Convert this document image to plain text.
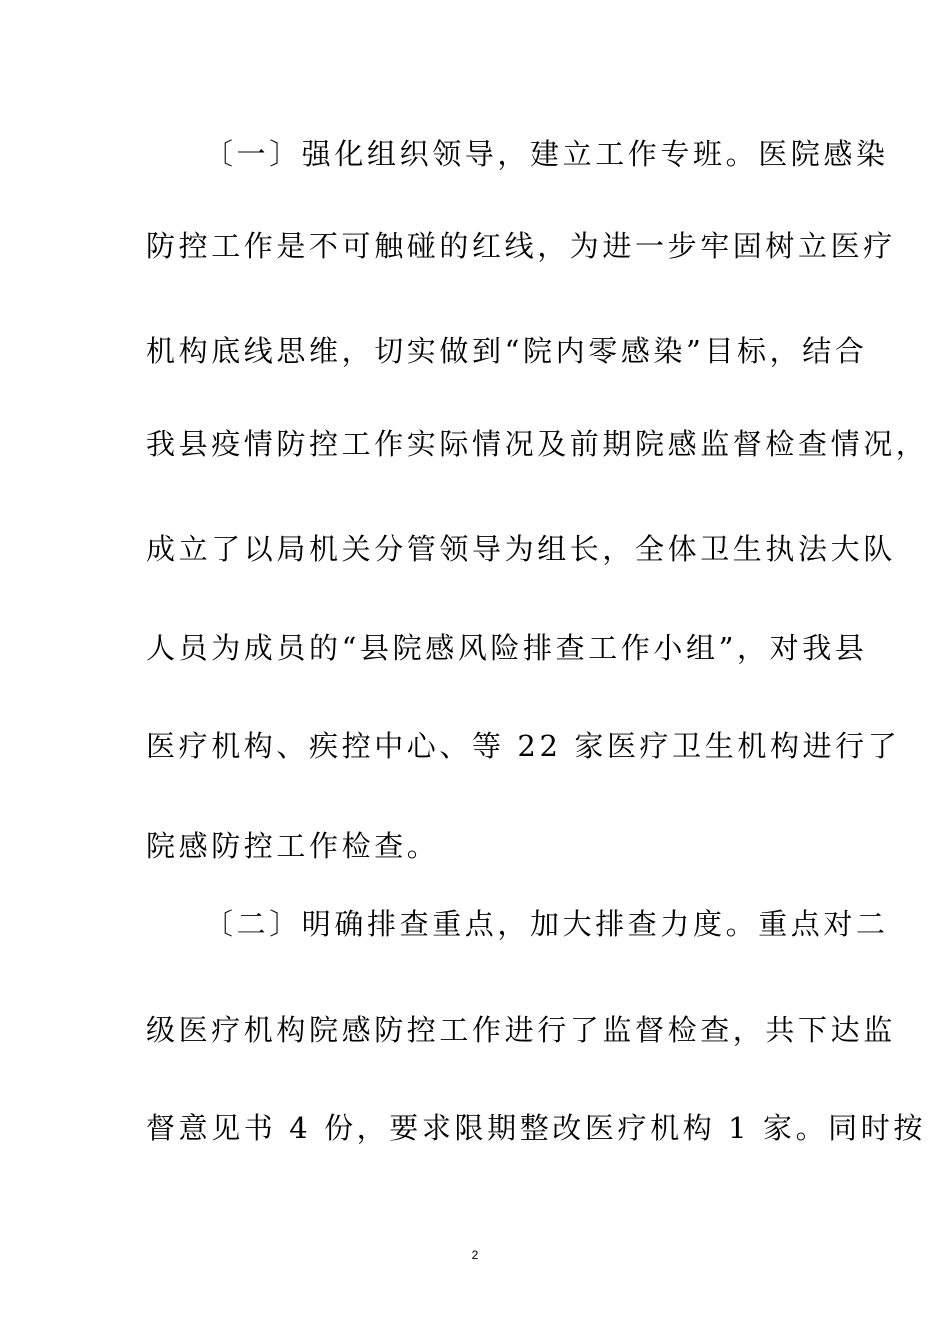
〔一〕强化组织领导，建立工作专班。医院感染
防控工作是不可触碰的红线，为进一步牢固树立医疗
机构底线思维，切实做到“院内零感染”目标，结合
我县疫情防控工作实际情况及前期院感监督检查情况，
成立了以局机关分管领导为组长，全体卫生执法大队
人员为成员的“县院感风险排查工作小组”，对我县
医疗机构、疾控中心、等 22 家医疗卫生机构进行了
院感防控工作检查。
〔二〕明确排查重点，加大排查力度。重点对二
级医疗机构院感防控工作进行了监督检查，共下达监
督意见书 4 份，要求限期整改医疗机构 1 家。同时按
2
